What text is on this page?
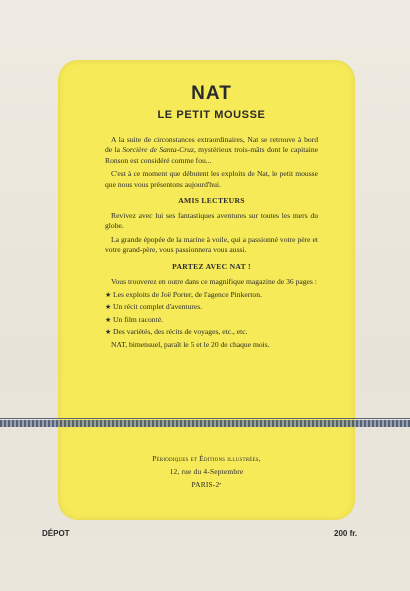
NAT
LE PETIT MOUSSE

A la suite de circonstances extraordinaires, Nat se retrouve à bord de la Sorcière de Santa-Cruz, mystérieux trois-mâts dont le capitaine Ronson est considéré comme fou...

C'est à ce moment que débutent les exploits de Nat, le petit mousse que nous vous présentons aujourd'hui.

AMIS LECTEURS

Revivez avec lui ses fantastiques aventures sur toutes les mers du globe.

La grande épopée de la marine à voile, qui a passionné votre père et votre grand-père, vous passionnera vous aussi.

PARTEZ AVEC NAT !

Vous trouverez en outre dans ce magnifique magazine de 36 pages :

★ Les exploits de Joë Porter, de l'agence Pinkerton.
★ Un récit complet d'aventures.
★ Un film raconté.
★ Des variétés, des récits de voyages, etc., etc.

NAT, bimensuel, paraît le 5 et le 20 de chaque mois.

Périodiques et Éditions illustrées,
12, rue du 4-Septembre
PARIS-2ᵉ
DÉPOT	200 fr.
